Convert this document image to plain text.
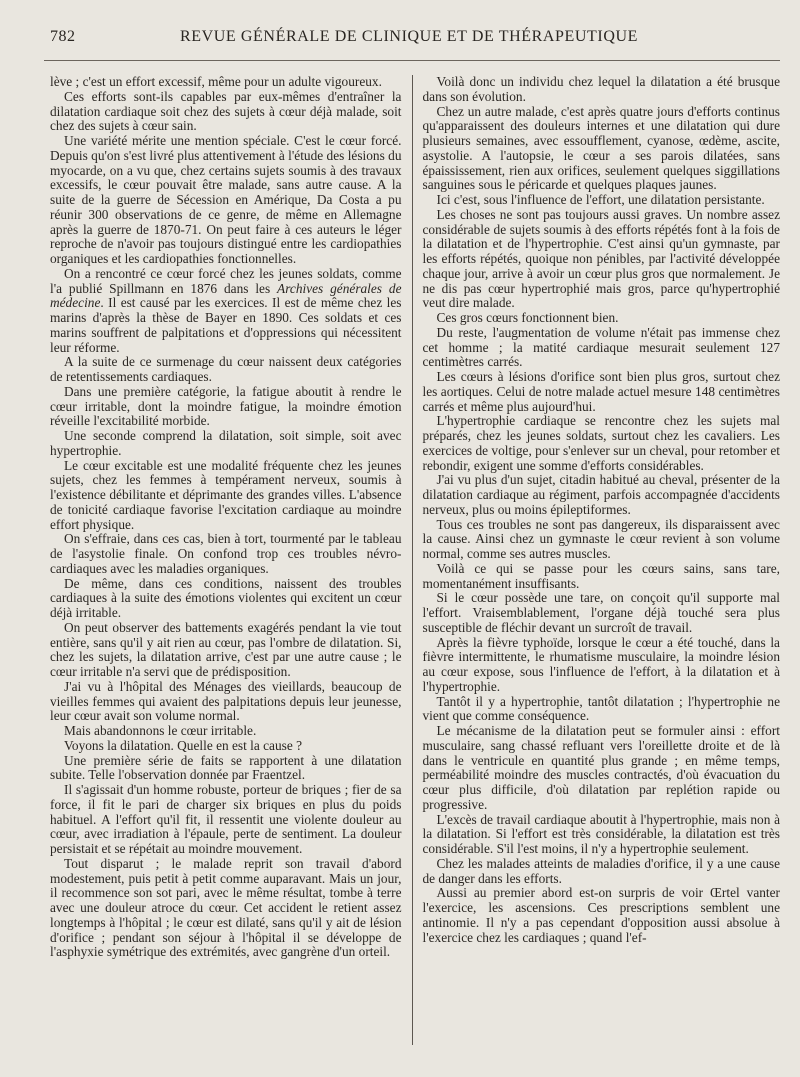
782	REVUE GÉNÉRALE DE CLINIQUE ET DE THÉRAPEUTIQUE

lève ; c'est un effort excessif, même pour un adulte vigoureux.

Ces efforts sont-ils capables par eux-mêmes d'entraîner la dilatation cardiaque soit chez des sujets à cœur déjà malade, soit chez des sujets à cœur sain.

Une variété mérite une mention spéciale. C'est le cœur forcé. Depuis qu'on s'est livré plus attentivement à l'étude des lésions du myocarde, on a vu que, chez certains sujets soumis à des travaux excessifs, le cœur pouvait être malade, sans autre cause. A la suite de la guerre de Sécession en Amérique, Da Costa a pu réunir 300 observations de ce genre, de même en Allemagne après la guerre de 1870-71. On peut faire à ces auteurs le léger reproche de n'avoir pas toujours distingué entre les cardiopathies organiques et les cardiopathies fonctionnelles.

On a rencontré ce cœur forcé chez les jeunes soldats, comme l'a publié Spillmann en 1876 dans les Archives générales de médecine. Il est causé par les exercices. Il est de même chez les marins d'après la thèse de Bayer en 1890. Ces soldats et ces marins souffrent de palpitations et d'oppressions qui nécessitent leur réforme.

A la suite de ce surmenage du cœur naissent deux catégories de retentissements cardiaques.

Dans une première catégorie, la fatigue aboutit à rendre le cœur irritable, dont la moindre fatigue, la moindre émotion réveille l'excitabilité morbide.

Une seconde comprend la dilatation, soit simple, soit avec hypertrophie.

Le cœur excitable est une modalité fréquente chez les jeunes sujets, chez les femmes à tempérament nerveux, soumis à l'existence débilitante et déprimante des grandes villes. L'absence de tonicité cardiaque favorise l'excitation cardiaque au moindre effort physique.

On s'effraie, dans ces cas, bien à tort, tourmenté par le tableau de l'asystolie finale. On confond trop ces troubles névro-cardiaques avec les maladies organiques.

De même, dans ces conditions, naissent des troubles cardiaques à la suite des émotions violentes qui excitent un cœur déjà irritable.

On peut observer des battements exagérés pendant la vie tout entière, sans qu'il y ait rien au cœur, pas l'ombre de dilatation. Si, chez les sujets, la dilatation arrive, c'est par une autre cause ; le cœur irritable n'a servi que de prédisposition.

J'ai vu à l'hôpital des Ménages des vieillards, beaucoup de vieilles femmes qui avaient des palpitations depuis leur jeunesse, leur cœur avait son volume normal.

Mais abandonnons le cœur irritable.

Voyons la dilatation. Quelle en est la cause ?

Une première série de faits se rapportent à une dilatation subite. Telle l'observation donnée par Fraentzel.

Il s'agissait d'un homme robuste, porteur de briques ; fier de sa force, il fit le pari de charger six briques en plus du poids habituel. A l'effort qu'il fit, il ressentit une violente douleur au cœur, avec irradiation à l'épaule, perte de sentiment. La douleur persistait et se répétait au moindre mouvement.

Tout disparut ; le malade reprit son travail d'abord modestement, puis petit à petit comme auparavant. Mais un jour, il recommence son sot pari, avec le même résultat, tombe à terre avec une douleur atroce du cœur. Cet accident le retient assez longtemps à l'hôpital ; le cœur est dilaté, sans qu'il y ait de lésion d'orifice ; pendant son séjour à l'hôpital il se développe de l'asphyxie symétrique des extrémités, avec gangrène d'un orteil.

Voilà donc un individu chez lequel la dilatation a été brusque dans son évolution.

Chez un autre malade, c'est après quatre jours d'efforts continus qu'apparaissent des douleurs internes et une dilatation qui dure plusieurs semaines, avec essoufflement, cyanose, œdème, ascite, asystolie. A l'autopsie, le cœur a ses parois dilatées, sans épaississement, rien aux orifices, seulement quelques siggillations sanguines sous le péricarde et quelques plaques jaunes.

Ici c'est, sous l'influence de l'effort, une dilatation persistante.

Les choses ne sont pas toujours aussi graves. Un nombre assez considérable de sujets soumis à des efforts répétés font à la fois de la dilatation et de l'hypertrophie. C'est ainsi qu'un gymnaste, par les efforts répétés, quoique non pénibles, par l'activité développée chaque jour, arrive à avoir un cœur plus gros que normalement. Je ne dis pas cœur hypertrophié mais gros, parce qu'hypertrophié veut dire malade.

Ces gros cœurs fonctionnent bien.

Du reste, l'augmentation de volume n'était pas immense chez cet homme ; la matité cardiaque mesurait seulement 127 centimètres carrés.

Les cœurs à lésions d'orifice sont bien plus gros, surtout chez les aortiques. Celui de notre malade actuel mesure 148 centimètres carrés et même plus aujourd'hui.

L'hypertrophie cardiaque se rencontre chez les sujets mal préparés, chez les jeunes soldats, surtout chez les cavaliers. Les exercices de voltige, pour s'enlever sur un cheval, pour retomber et rebondir, exigent une somme d'efforts considérables.

J'ai vu plus d'un sujet, citadin habitué au cheval, présenter de la dilatation cardiaque au régiment, parfois accompagnée d'accidents nerveux, plus ou moins épileptiformes.

Tous ces troubles ne sont pas dangereux, ils disparaissent avec la cause. Ainsi chez un gymnaste le cœur revient à son volume normal, comme ses autres muscles.

Voilà ce qui se passe pour les cœurs sains, sans tare, momentanément insuffisants.

Si le cœur possède une tare, on conçoit qu'il supporte mal l'effort. Vraisemblablement, l'organe déjà touché sera plus susceptible de fléchir devant un surcroît de travail.

Après la fièvre typhoïde, lorsque le cœur a été touché, dans la fièvre intermittente, le rhumatisme musculaire, la moindre lésion au cœur expose, sous l'influence de l'effort, à la dilatation et à l'hypertrophie.

Tantôt il y a hypertrophie, tantôt dilatation ; l'hypertrophie ne vient que comme conséquence.

Le mécanisme de la dilatation peut se formuler ainsi : effort musculaire, sang chassé refluant vers l'oreillette droite et de là dans le ventricule en quantité plus grande ; en même temps, perméabilité moindre des muscles contractés, d'où évacuation du cœur plus difficile, d'où dilatation par replétion rapide ou progressive.

L'excès de travail cardiaque aboutit à l'hypertrophie, mais non à la dilatation. Si l'effort est très considérable, la dilatation est très considérable. S'il l'est moins, il n'y a hypertrophie seulement.

Chez les malades atteints de maladies d'orifice, il y a une cause de danger dans les efforts.

Aussi au premier abord est-on surpris de voir Œrtel vanter l'exercice, les ascensions. Ces prescriptions semblent une antinomie. Il n'y a pas cependant d'opposition aussi absolue à l'exercice chez les cardiaques ; quand l'ef-
